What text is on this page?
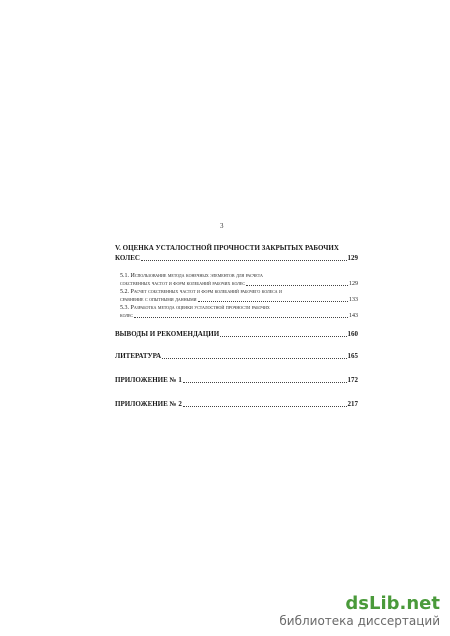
3
V. ОЦЕНКА УСТАЛОСТНОЙ ПРОЧНОСТИ ЗАКРЫТЫХ РАБОЧИХ
КОЛЕС	129
5.1. Использование метода конечных элементов для расчета
собственных частот и форм колебаний рабочих колес	129
5.2. Расчет собственных частот и форм колебаний рабочего колеса и
сравнение с опытными данными	133
5.3. Разработка метода оценки усталостной прочности рабочих
колес	143
ВЫВОДЫ И РЕКОМЕНДАЦИИ	160
ЛИТЕРАТУРА	165
ПРИЛОЖЕНИЕ № 1	172
ПРИЛОЖЕНИЕ № 2	217
dsLib.net
библиотека диссертаций
